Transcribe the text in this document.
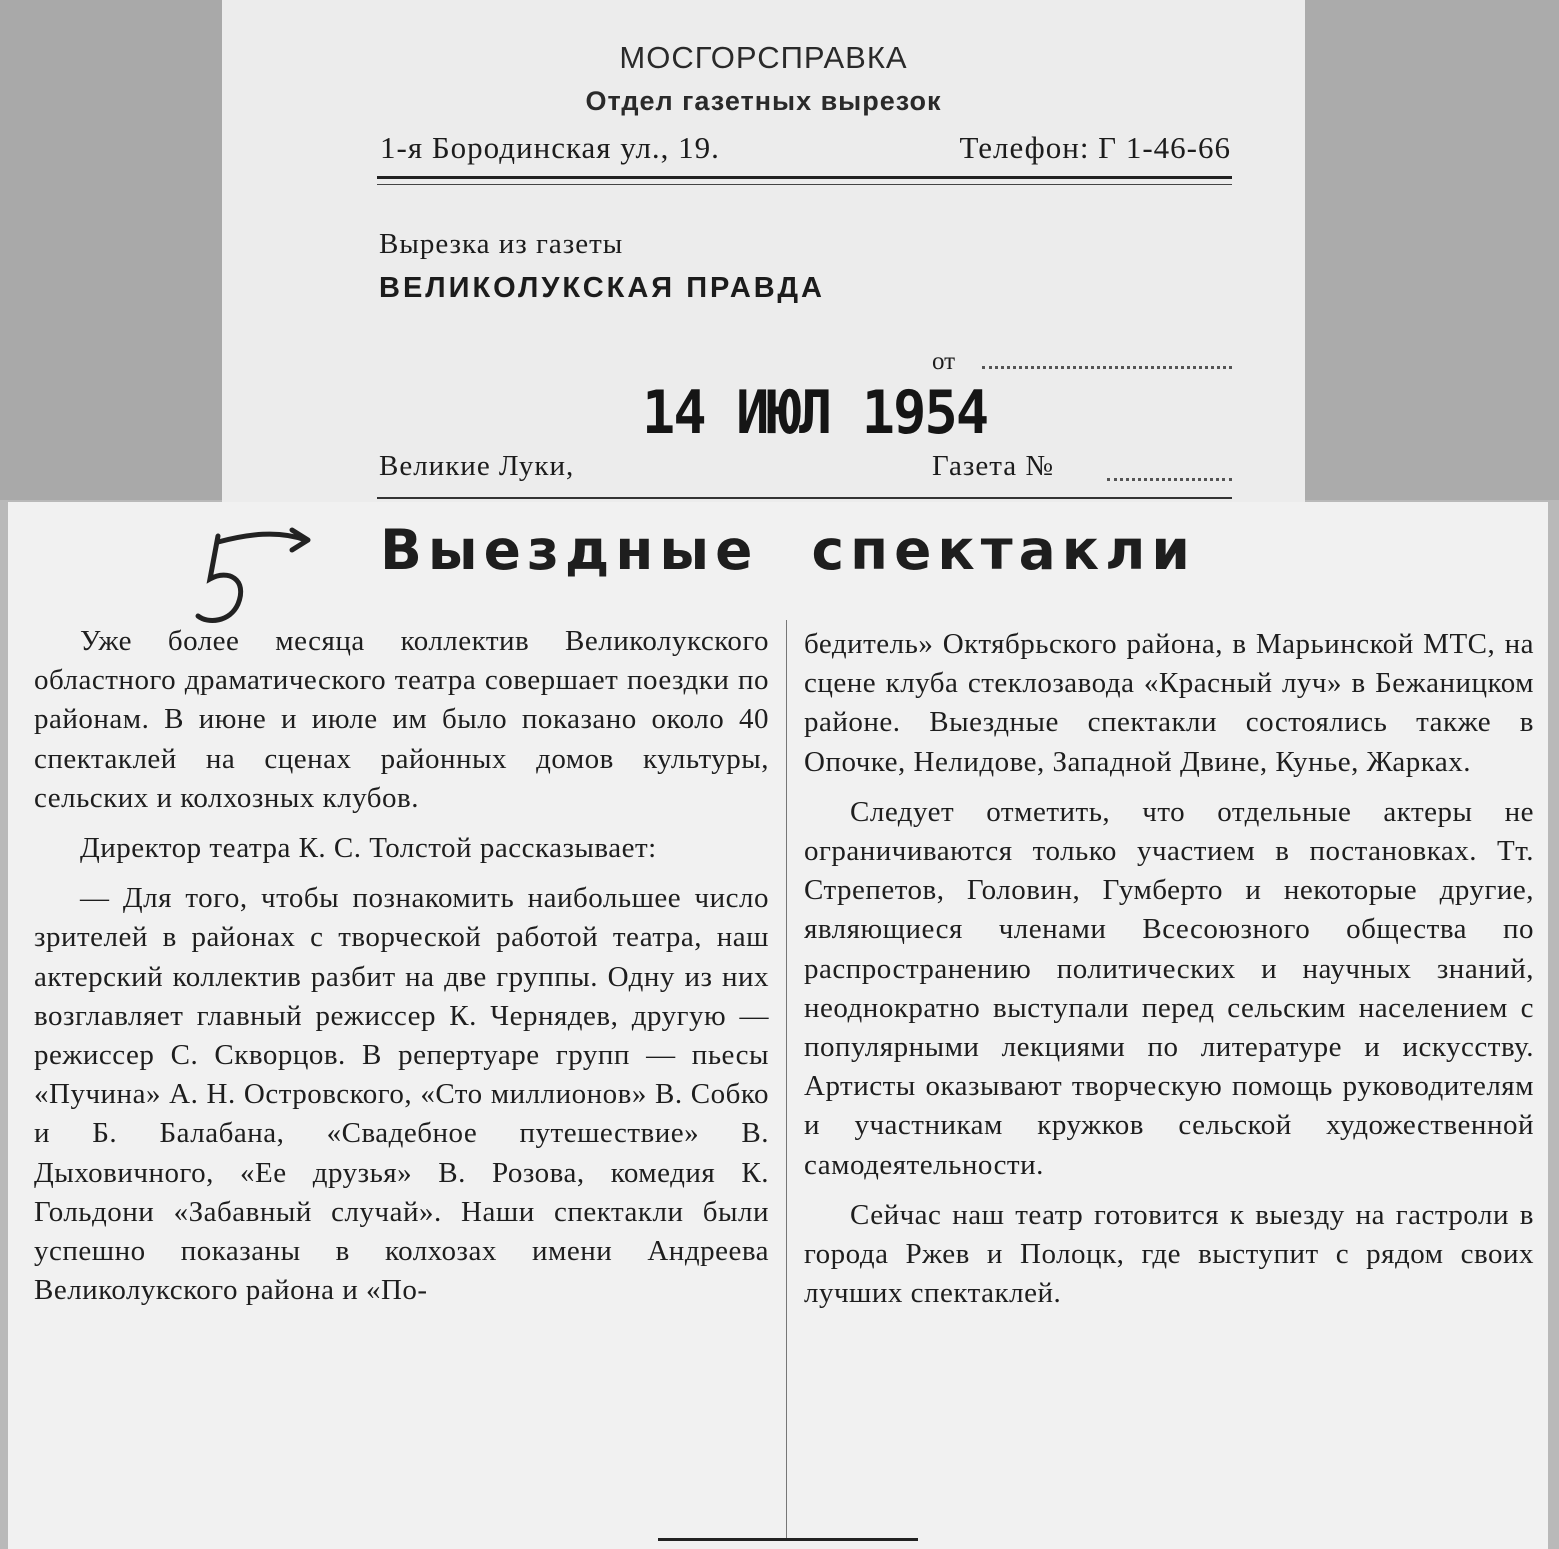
МОСГОРСПРАВКА
Отдел газетных вырезок
1-я Бородинская ул., 19.	Телефон: Г 1-46-66
Вырезка из газеты
ВЕЛИКОЛУКСКАЯ ПРАВДА
от
14 ИЮЛ 1954
Великие Луки,	Газета №
Выездные спектакли

Уже более месяца коллектив Великолукского областного драматического театра совершает поездки по районам. В июне и июле им было показано около 40 спектаклей на сценах районных домов культуры, сельских и колхозных клубов.

Директор театра К. С. Толстой рассказывает:

— Для того, чтобы познакомить наибольшее число зрителей в районах с творческой работой театра, наш актерский коллектив разбит на две группы. Одну из них возглавляет главный режиссер К. Чернядев, другую — режиссер С. Скворцов. В репертуаре групп — пьесы «Пучина» А. Н. Островского, «Сто миллионов» В. Собко и Б. Балабана, «Свадебное путешествие» В. Дыховичного, «Ее друзья» В. Розова, комедия К. Гольдони «Забавный случай». Наши спектакли были успешно показаны в колхозах имени Андреева Великолукского района и «По-

бедитель» Октябрьского района, в Марьинской МТС, на сцене клуба стеклозавода «Красный луч» в Бежаницком районе. Выездные спектакли состоялись также в Опочке, Нелидове, Западной Двине, Кунье, Жарках.

Следует отметить, что отдельные актеры не ограничиваются только участием в постановках. Тт. Стрепетов, Головин, Гумберто и некоторые другие, являющиеся членами Всесоюзного общества по распространению политических и научных знаний, неоднократно выступали перед сельским населением с популярными лекциями по литературе и искусству. Артисты оказывают творческую помощь руководителям и участникам кружков сельской художественной самодеятельности.

Сейчас наш театр готовится к выезду на гастроли в города Ржев и Полоцк, где выступит с рядом своих лучших спектаклей.
